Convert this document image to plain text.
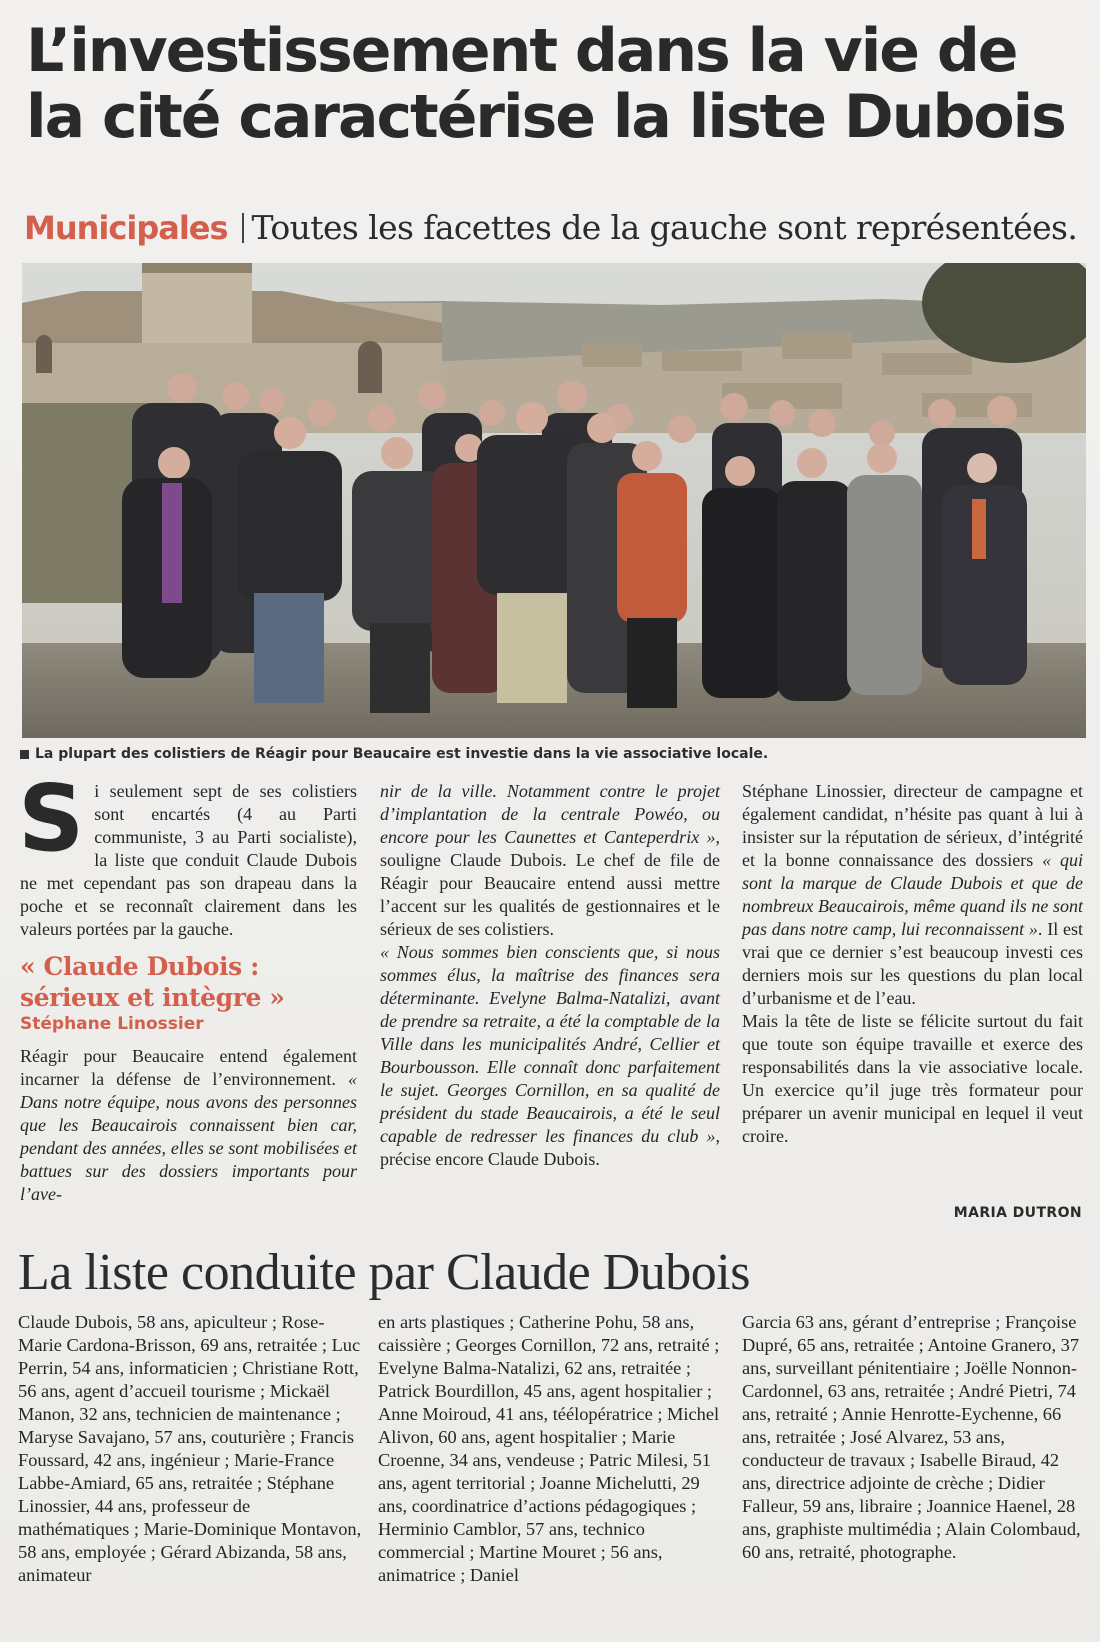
L’investissement dans la vie de
la cité caractérise la liste Dubois
Municipales Toutes les facettes de la gauche sont représentées.
La plupart des colistiers de Réagir pour Beaucaire est investie dans la vie associative locale.

Si seulement sept de ses colistiers sont encartés (4 au Parti communiste, 3 au Parti socialiste), la liste que conduit Claude Dubois ne met cependant pas son drapeau dans la poche et se reconnaît clairement dans les valeurs portées par la gauche.

« Claude Dubois : sérieux et intègre »
Stéphane Linossier

Réagir pour Beaucaire entend également incarner la défense de l’environnement. « Dans notre équipe, nous avons des personnes que les Beaucairois connaissent bien car, pendant des années, elles se sont mobilisées et battues sur des dossiers importants pour l’ave-

nir de la ville. Notamment contre le projet d’implantation de la centrale Powéo, ou encore pour les Caunettes et Canteperdrix », souligne Claude Dubois. Le chef de file de Réagir pour Beaucaire entend aussi mettre l’accent sur les qualités de gestionnaires et le sérieux de ses colistiers.

« Nous sommes bien conscients que, si nous sommes élus, la maîtrise des finances sera déterminante. Evelyne Balma-Natalizi, avant de prendre sa retraite, a été la comptable de la Ville dans les municipalités André, Cellier et Bourbousson. Elle connaît donc parfaitement le sujet. Georges Cornillon, en sa qualité de président du stade Beaucairois, a été le seul capable de redresser les finances du club », précise encore Claude Dubois.

Stéphane Linossier, directeur de campagne et également candidat, n’hésite pas quant à lui à insister sur la réputation de sérieux, d’intégrité et la bonne connaissance des dossiers « qui sont la marque de Claude Dubois et que de nombreux Beaucairois, même quand ils ne sont pas dans notre camp, lui reconnaissent ». Il est vrai que ce dernier s’est beaucoup investi ces derniers mois sur les questions du plan local d’urbanisme et de l’eau.

Mais la tête de liste se félicite surtout du fait que toute son équipe travaille et exerce des responsabilités dans la vie associative locale. Un exercice qu’il juge très formateur pour préparer un avenir municipal en lequel il veut croire.

MARIA DUTRON
La liste conduite par Claude Dubois
Claude Dubois, 58 ans, apiculteur ; Rose-Marie Cardona-Brisson, 69 ans, retraitée ; Luc Perrin, 54 ans, informaticien ; Christiane Rott, 56 ans, agent d’accueil tourisme ; Mickaël Manon, 32 ans, technicien de maintenance ; Maryse Savajano, 57 ans, couturière ; Francis Foussard, 42 ans, ingénieur ; Marie-France Labbe-Amiard, 65 ans, retraitée ; Stéphane Linossier, 44 ans, professeur de mathématiques ; Marie-Dominique Montavon, 58 ans, employée ; Gérard Abizanda, 58 ans, animateur
en arts plastiques ; Catherine Pohu, 58 ans, caissière ; Georges Cornillon, 72 ans, retraité ; Evelyne Balma-Natalizi, 62 ans, retraitée ; Patrick Bourdillon, 45 ans, agent hospitalier ; Anne Moiroud, 41 ans, téélopératrice ; Michel Alivon, 60 ans, agent hospitalier ; Marie Croenne, 34 ans, vendeuse ; Patric Milesi, 51 ans, agent territorial ; Joanne Michelutti, 29 ans, coordinatrice d’actions pédagogiques ; Herminio Camblor, 57 ans, technico commercial ; Martine Mouret ; 56 ans, animatrice ; Daniel
Garcia 63 ans, gérant d’entreprise ; Françoise Dupré, 65 ans, retraitée ; Antoine Granero, 37 ans, surveillant pénitentiaire ; Joëlle Nonnon-Cardonnel, 63 ans, retraitée ; André Pietri, 74 ans, retraité ; Annie Henrotte-Eychenne, 66 ans, retraitée ; José Alvarez, 53 ans, conducteur de travaux ; Isabelle Biraud, 42 ans, directrice adjointe de crèche ; Didier Falleur, 59 ans, libraire ; Joannice Haenel, 28 ans, graphiste multimédia ; Alain Colombaud, 60 ans, retraité, photographe.
